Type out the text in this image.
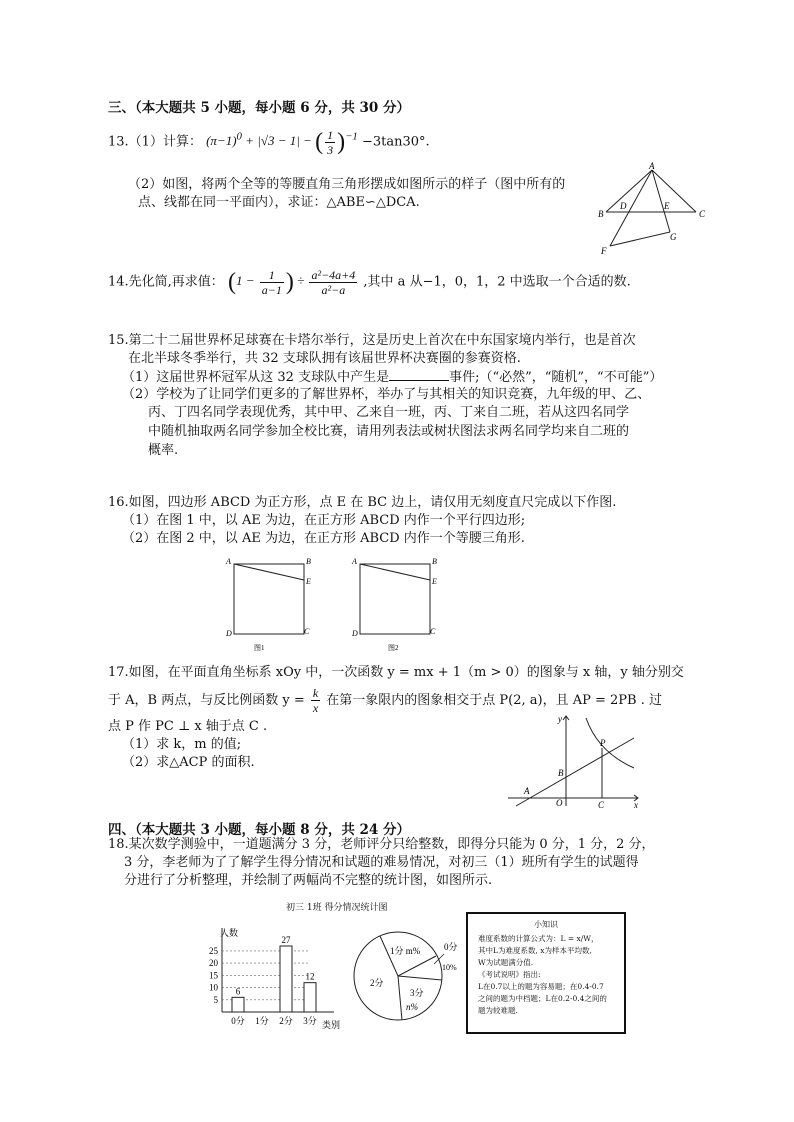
三、（本大题共 5 小题，每小题 6 分，共 30 分）
13.（1）计算： $(\pi-1)^0 + |√3 - 1|$ − ( $\frac{1}{3} )^{-1} -3\tan 30^\circ$.
（2）如图，将两个全等的等腰直角三角形摆成如图所示的样子（图中所有的
点、线都在同一平面内），求证：△ABE∽△DCA.
A
B
D	E
C
F
G
14.先化简,再求值： ($1 - \frac{1}{a-1}$ ) ÷ $\frac{\text{a²−4a+4}}{\text{a²−a}}$ ,其中 a 从−1，0，1，2 中选取一个合适的数.
15.第二十二届世界杯足球赛在卡塔尔举行，这是历史上首次在中东国家境内举行，也是首次
在北半球冬季举行，共 32 支球队拥有该届世界杯决赛圈的参赛资格.
（1）这届世界杯冠军从这 32 支球队中产生是	事件;（“必然”，“随机”，“不可能”）
（2）学校为了让同学们更多的了解世界杯，举办了与其相关的知识竞赛，九年级的甲、乙、
丙、丁四名同学表现优秀，其中甲、乙来自一班，丙、丁来自二班，若从这四名同学
中随机抽取两名同学参加全校比赛，请用列表法或树状图法求两名同学均来自二班的
概率.
16.如图，四边形 ABCD 为正方形，点 E 在 BC 边上，请仅用无刻度直尺完成以下作图.
（1）在图 1 中，以 AE 为边，在正方形 ABCD 内作一个平行四边形;
（2）在图 2 中，以 AE 为边，在正方形 ABCD 内作一个等腰三角形.
A	B
E
D	C
图1
A	B
E
D	C
图2
17.如图，在平面直角坐标系 xOy 中，一次函数 y = mx + 1（m > 0）的图象与 x 轴，y 轴分别交
于 A，B 两点，与反比例函数 $y = \frac{k}{x}$ 在第一象限内的图象相交于点 P(2, a)，且 AP = 2PB . 过
点 P 作 PC ⊥ x 轴于点 C .
（1）求 k，m 的值;
（2）求△ACP 的面积.
y
P
B
A
O	C	x
四、（本大题共 3 小题，每小题 8 分，共 24 分）
18.某次数学测验中，一道题满分 3 分，老师评分只给整数，即得分只能为 0 分，1 分，2 分，
3 分，李老师为了了解学生得分情况和试题的难易情况，对初三（1）班所有学生的试题得
分进行了分析整理，并绘制了两幅尚不完整的统计图，如图所示.
初三 1班 得分情况统计图
人数
类别
5
10
15
20
25
0分
6
1分 2分
27
3分
12
1分 m%	0分
10%
2分
3分
n%
小知识
难度系数的计算公式为：L = x/W，
其中L为难度系数, x为样本平均数,
W为试题满分值.
《考试说明》指出:
L在0.7以上的题为容易题；在0.4-0.7
之间的题为中档题；L在0.2-0.4之间的
题为较难题.
